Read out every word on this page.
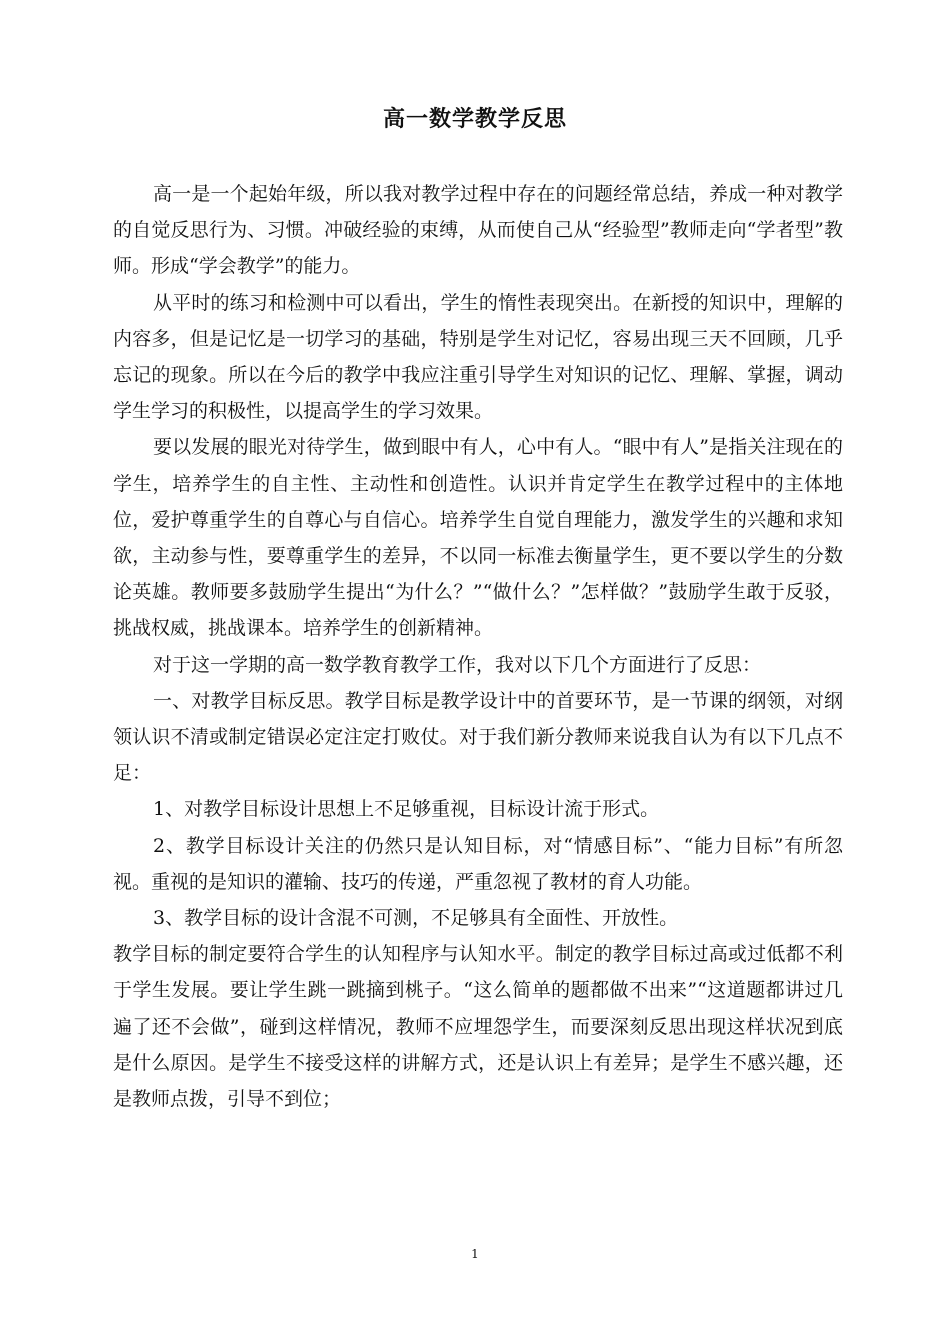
高一数学教学反思

高一是一个起始年级，所以我对教学过程中存在的问题经常总结，养成一种对教学的自觉反思行为、习惯。冲破经验的束缚，从而使自己从“经验型”教师走向“学者型”教师。形成“学会教学”的能力。

从平时的练习和检测中可以看出，学生的惰性表现突出。在新授的知识中，理解的内容多，但是记忆是一切学习的基础，特别是学生对记忆，容易出现三天不回顾，几乎忘记的现象。所以在今后的教学中我应注重引导学生对知识的记忆、理解、掌握，调动学生学习的积极性，以提高学生的学习效果。

要以发展的眼光对待学生，做到眼中有人，心中有人。“眼中有人”是指关注现在的学生，培养学生的自主性、主动性和创造性。认识并肯定学生在教学过程中的主体地位，爱护尊重学生的自尊心与自信心。培养学生自觉自理能力，激发学生的兴趣和求知欲，主动参与性，要尊重学生的差异，不以同一标准去衡量学生，更不要以学生的分数论英雄。教师要多鼓励学生提出“为什么？”“做什么？”怎样做？”鼓励学生敢于反驳，挑战权威，挑战课本。培养学生的创新精神。

对于这一学期的高一数学教育教学工作，我对以下几个方面进行了反思：

一、对教学目标反思。教学目标是教学设计中的首要环节，是一节课的纲领，对纲领认识不清或制定错误必定注定打败仗。对于我们新分教师来说我自认为有以下几点不足：

1、对教学目标设计思想上不足够重视，目标设计流于形式。

2、教学目标设计关注的仍然只是认知目标，对“情感目标”、“能力目标”有所忽视。重视的是知识的灌输、技巧的传递，严重忽视了教材的育人功能。

3、教学目标的设计含混不可测，不足够具有全面性、开放性。

教学目标的制定要符合学生的认知程序与认知水平。制定的教学目标过高或过低都不利于学生发展。要让学生跳一跳摘到桃子。“这么简单的题都做不出来”“这道题都讲过几遍了还不会做”，碰到这样情况，教师不应埋怨学生，而要深刻反思出现这样状况到底是什么原因。是学生不接受这样的讲解方式，还是认识上有差异；是学生不感兴趣，还是教师点拨，引导不到位；

1
